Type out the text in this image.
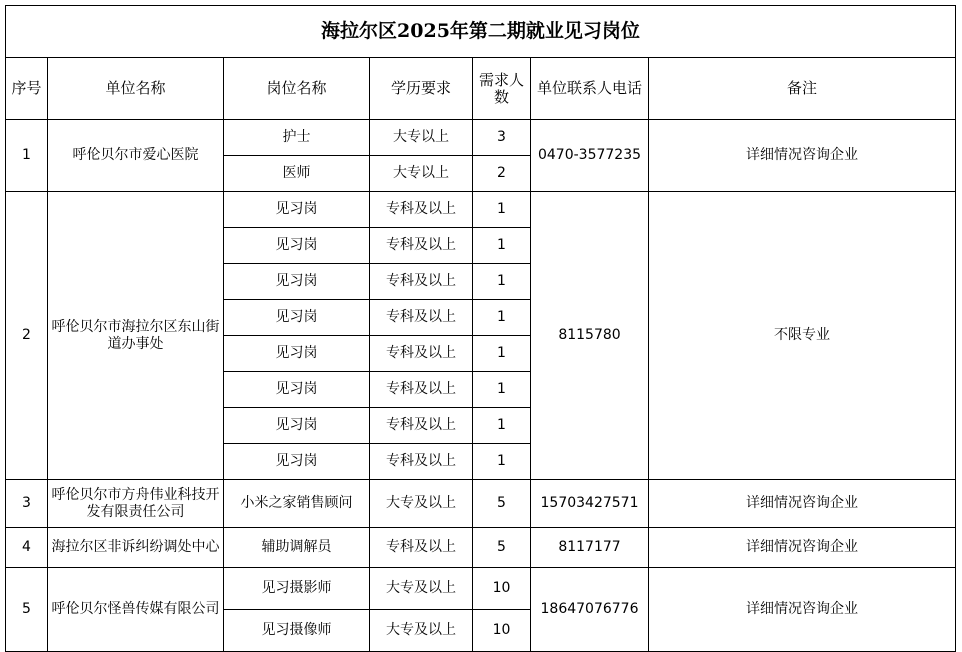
海拉尔区2025年第二期就业见习岗位						
序号	单位名称	岗位名称	学历要求	需求人数	单位联系人电话	备注
1	呼伦贝尔市爱心医院	护士	大专以上	3	0470-3577235	详细情况咨询企业
		医师	大专以上	2		
2	呼伦贝尔市海拉尔区东山街道办事处	见习岗	专科及以上	1	8115780	不限专业
		见习岗	专科及以上	1		
		见习岗	专科及以上	1		
		见习岗	专科及以上	1		
		见习岗	专科及以上	1		
		见习岗	专科及以上	1		
		见习岗	专科及以上	1		
		见习岗	专科及以上	1		
3	呼伦贝尔市方舟伟业科技开发有限责任公司	小米之家销售顾问	大专及以上	5	15703427571	详细情况咨询企业
4	海拉尔区非诉纠纷调处中心	辅助调解员	专科及以上	5	8117177	详细情况咨询企业
5	呼伦贝尔怪兽传媒有限公司	见习摄影师	大专及以上	10	18647076776	详细情况咨询企业
		见习摄像师	大专及以上	10		
